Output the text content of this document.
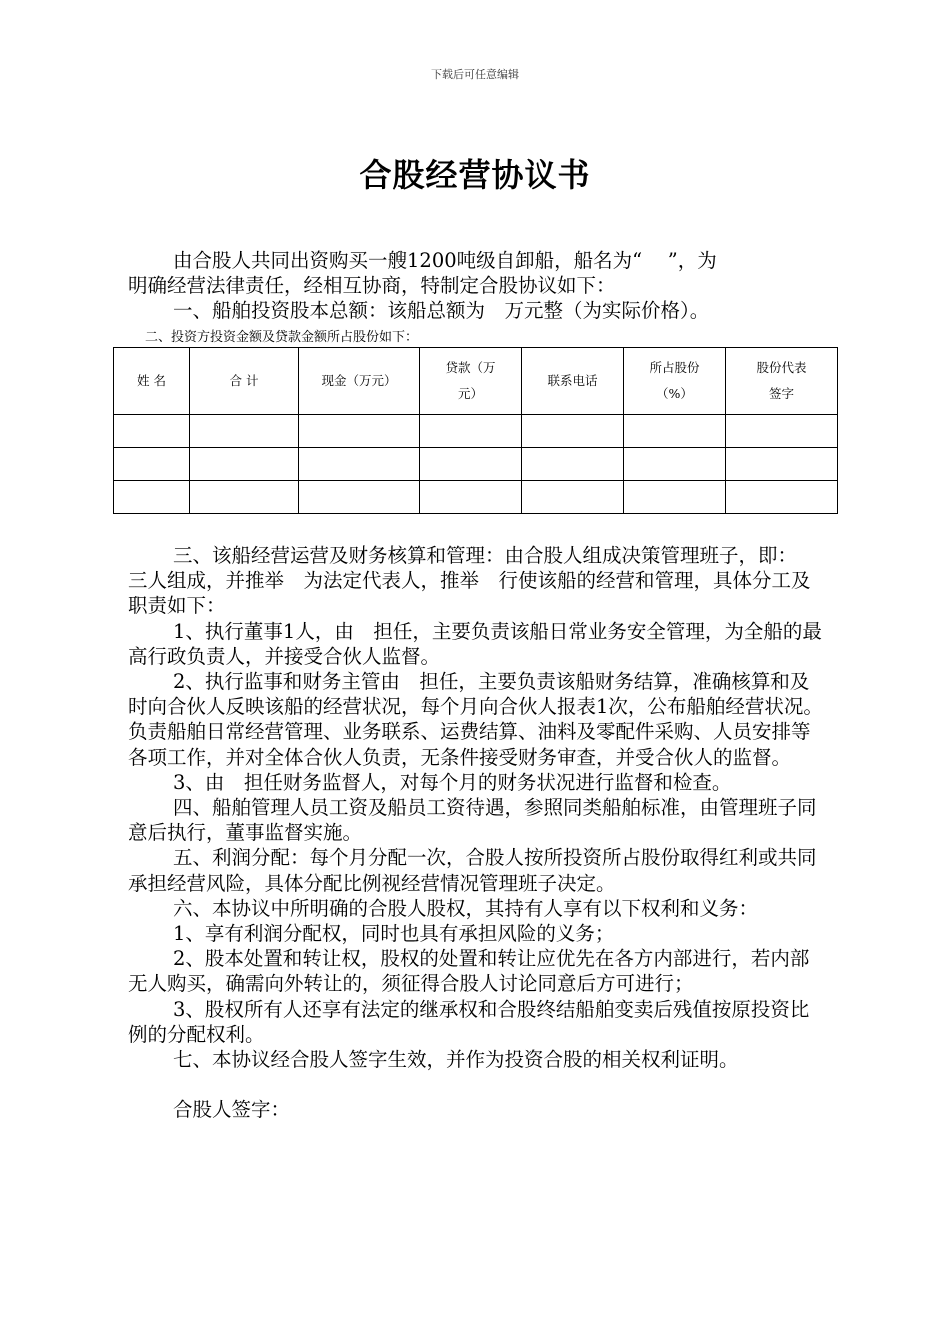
下载后可任意编辑
合股经营协议书

由合股人共同出资购买一艘1200吨级自卸船，船名为“　 ”，为

明确经营法律责任，经相互协商，特制定合股协议如下：

一、船舶投资股本总额：该船总额为　万元整（为实际价格）。

二、投资方投资金额及贷款金额所占股份如下：
姓 名	合 计	现金（万元）	贷款（万元）	联系电话	所占股份（%）	股份代表签字

三、该船经营运营及财务核算和管理：由合股人组成决策管理班子，即：　　三人组成，并推举　为法定代表人，推举　行使该船的经营和管理，具体分工及职责如下：

1、执行董事1人，由　担任，主要负责该船日常业务安全管理，为全船的最高行政负责人，并接受合伙人监督。

2、执行监事和财务主管由　担任，主要负责该船财务结算，准确核算和及时向合伙人反映该船的经营状况，每个月向合伙人报表1次，公布船舶经营状况。负责船舶日常经营管理、业务联系、运费结算、油料及零配件采购、人员安排等各项工作，并对全体合伙人负责，无条件接受财务审查，并受合伙人的监督。

3、由　担任财务监督人，对每个月的财务状况进行监督和检查。

四、船舶管理人员工资及船员工资待遇，参照同类船舶标准，由管理班子同意后执行，董事监督实施。

五、利润分配：每个月分配一次，合股人按所投资所占股份取得红利或共同承担经营风险，具体分配比例视经营情况管理班子决定。

六、本协议中所明确的合股人股权，其持有人享有以下权利和义务：

1、享有利润分配权，同时也具有承担风险的义务；

2、股本处置和转让权，股权的处置和转让应优先在各方内部进行，若内部无人购买，确需向外转让的，须征得合股人讨论同意后方可进行；

3、股权所有人还享有法定的继承权和合股终结船舶变卖后残值按原投资比例的分配权利。

七、本协议经合股人签字生效，并作为投资合股的相关权利证明。

合股人签字：
